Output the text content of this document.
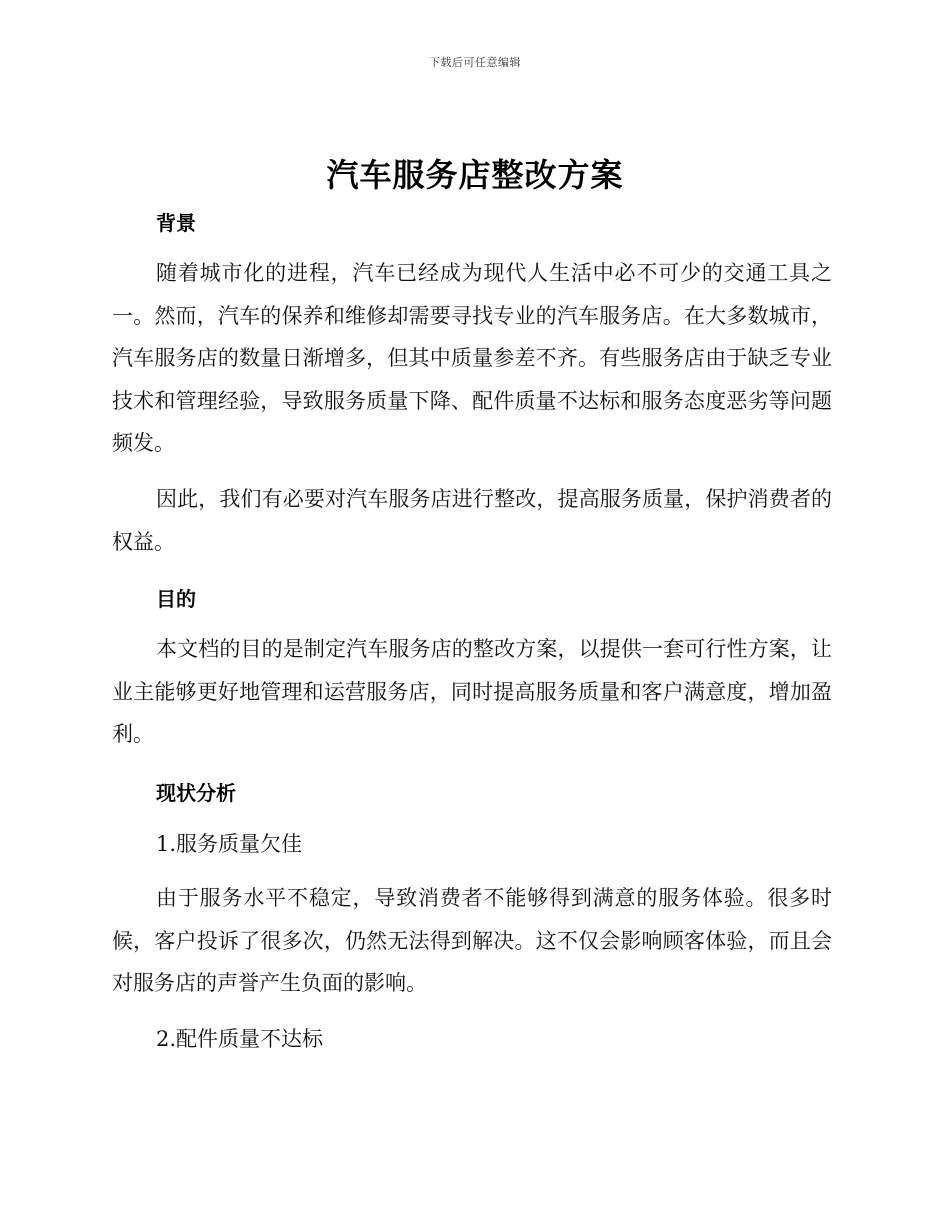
下载后可任意编辑
汽车服务店整改方案
背景
随着城市化的进程，汽车已经成为现代人生活中必不可少的交通工具之一。然而，汽车的保养和维修却需要寻找专业的汽车服务店。在大多数城市，汽车服务店的数量日渐增多，但其中质量参差不齐。有些服务店由于缺乏专业技术和管理经验，导致服务质量下降、配件质量不达标和服务态度恶劣等问题频发。
因此，我们有必要对汽车服务店进行整改，提高服务质量，保护消费者的权益。
目的
本文档的目的是制定汽车服务店的整改方案，以提供一套可行性方案，让业主能够更好地管理和运营服务店，同时提高服务质量和客户满意度，增加盈利。
现状分析
1.服务质量欠佳
由于服务水平不稳定，导致消费者不能够得到满意的服务体验。很多时候，客户投诉了很多次，仍然无法得到解决。这不仅会影响顾客体验，而且会对服务店的声誉产生负面的影响。
2.配件质量不达标
